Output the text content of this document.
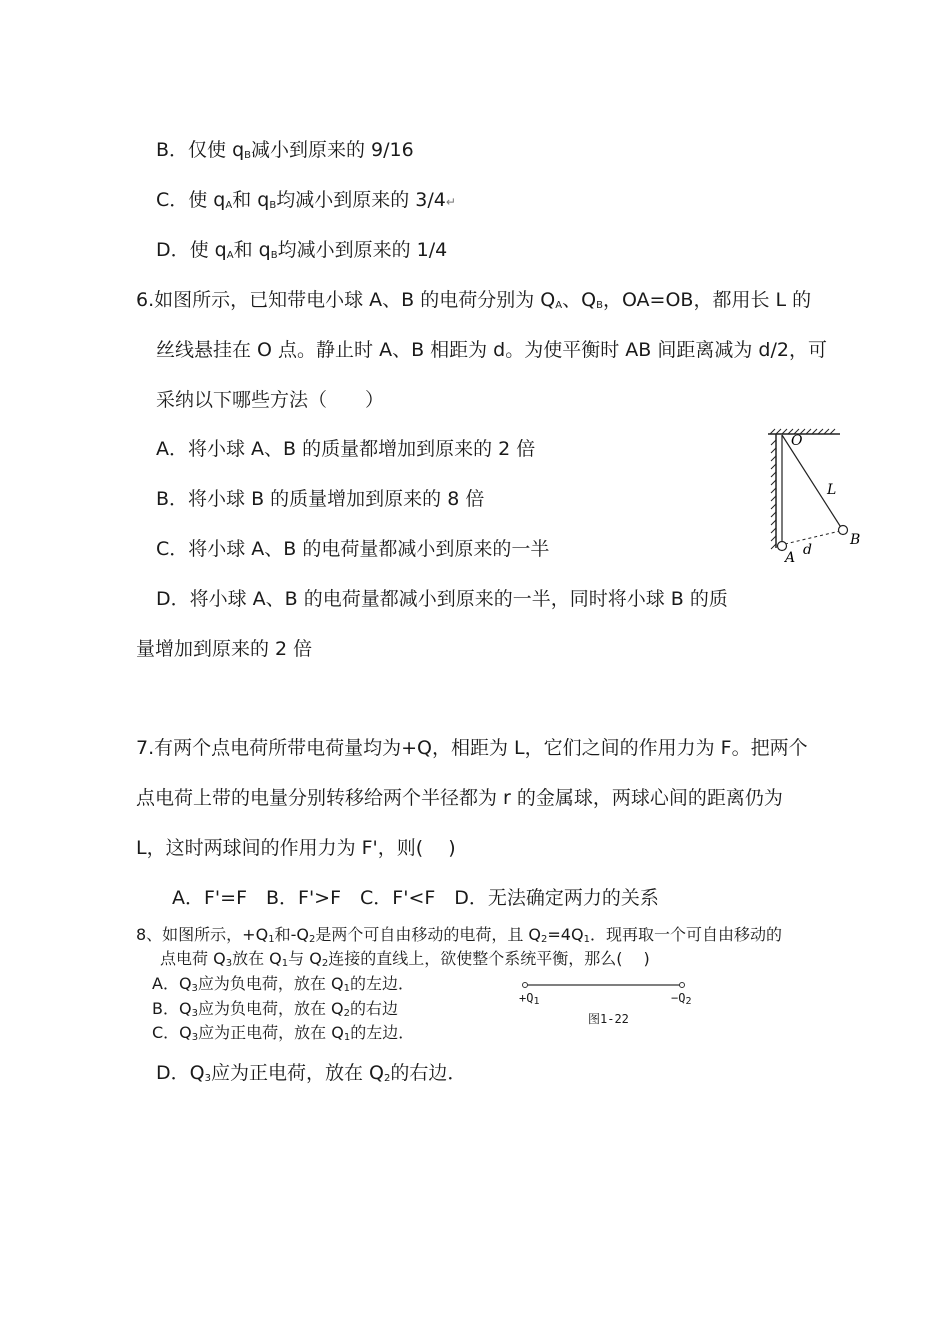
B．仅使 $q_B$减小到原来的 9/16
C．使 $q_A$和 $q_B$均减小到原来的 3/4↵
D．使 $q_A$和 $q_B$均减小到原来的 1/4
6.如图所示，已知带电小球 A、B 的电荷分别为 $Q_A$、$Q_B$，OA=OB，都用长 L 的
丝线悬挂在 O 点。静止时 A、B 相距为 d。为使平衡时 AB 间距离减为 d/2，可
采纳以下哪些方法（　　）
A．将小球 A、B 的质量都增加到原来的 2 倍
B．将小球 B 的质量增加到原来的 8 倍
C．将小球 A、B 的电荷量都减小到原来的一半
D．将小球 A、B 的电荷量都减小到原来的一半，同时将小球 B 的质
量增加到原来的 2 倍
O
L
A
B
d
7.有两个点电荷所带电荷量均为+Q，相距为 L，它们之间的作用力为 F。把两个
点电荷上带的电量分别转移给两个半径都为 r 的金属球，两球心间的距离仍为
L，这时两球间的作用力为 F'，则(　 )
A．F'=F　B．F'>F　C．F'<F　D．无法确定两力的关系
8、如图所示，$+Q_1$和$-Q_2$是两个可自由移动的电荷，且 $Q_2=4Q_1$．现再取一个可自由移动的
点电荷 $Q_3$放在 $Q_1$与 $Q_2$连接的直线上，欲使整个系统平衡，那么(　 )
A．$Q_3$应为负电荷，放在 $Q_1$的左边．
B．$Q_3$应为负电荷，放在 $Q_2$的右边
C．$Q_3$应为正电荷，放在 $Q_1$的左边．
D．$Q_3$应为正电荷，放在 $Q_2$的右边．
$+Q_1$	$-Q_2$
图1-22
